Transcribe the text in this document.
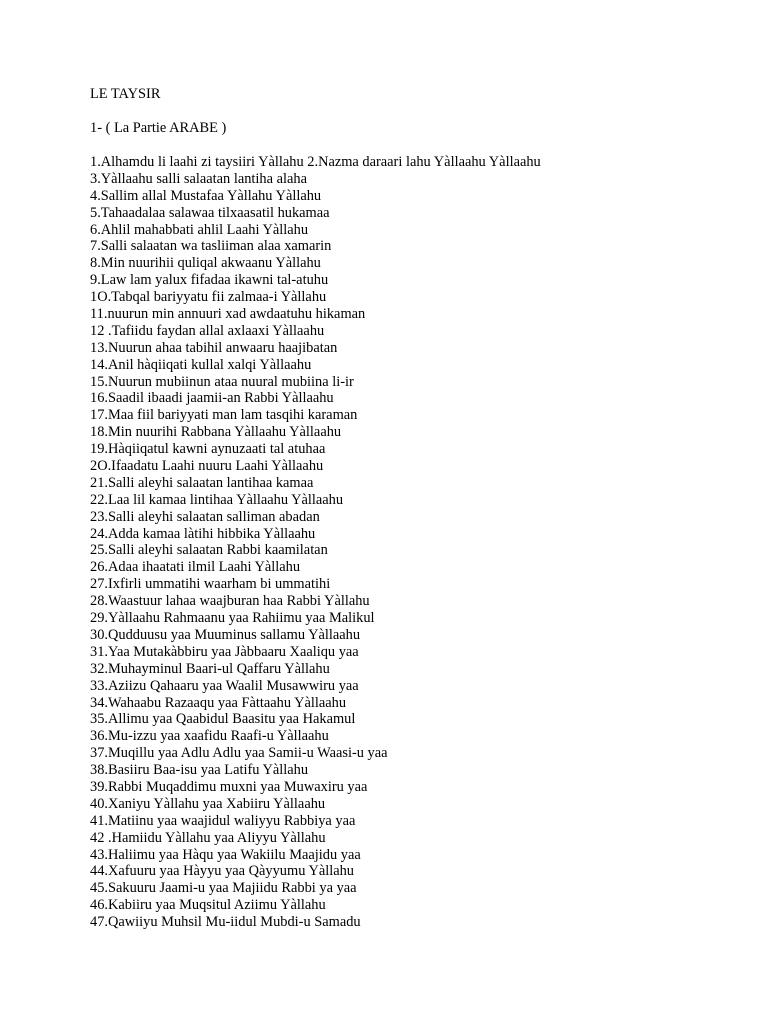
LE TAYSIR

1- ( La Partie ARABE )

1.Alhamdu li laahi zi taysiiri Yàllahu 2.Nazma daraari lahu Yàllaahu Yàllaahu
3.Yàllaahu salli salaatan lantiha alaha
4.Sallim allal Mustafaa Yàllahu Yàllahu
5.Tahaadalaa salawaa tilxaasatil hukamaa
6.Ahlil mahabbati ahlil Laahi Yàllahu
7.Salli salaatan wa tasliiman alaa xamarin
8.Min nuurihii quliqal akwaanu Yàllahu
9.Law lam yalux fifadaa ikawni tal-atuhu
1O.Tabqal bariyyatu fii zalmaa-i Yàllahu
11.nuurun min annuuri xad awdaatuhu hikaman
12 .Tafiidu faydan allal axlaaxi Yàllaahu
13.Nuurun ahaa tabihil anwaaru haajibatan
14.Anil hàqiiqati kullal xalqi Yàllaahu
15.Nuurun mubiinun ataa nuural mubiina li-ir
16.Saadil ibaadi jaamii-an Rabbi Yàllaahu
17.Maa fiil bariyyati man lam tasqihi karaman
18.Min nuurihi Rabbana Yàllaahu Yàllaahu
19.Hàqiiqatul kawni aynuzaati tal atuhaa
2O.Ifaadatu Laahi nuuru Laahi Yàllaahu
21.Salli aleyhi salaatan lantihaa kamaa
22.Laa lil kamaa lintihaa Yàllaahu Yàllaahu
23.Salli aleyhi salaatan salliman abadan
24.Adda kamaa làtihi hibbika Yàllaahu
25.Salli aleyhi salaatan Rabbi kaamilatan
26.Adaa ihaatati ilmil Laahi Yàllahu
27.Ixfirli ummatihi waarham bi ummatihi
28.Waastuur lahaa waajburan haa Rabbi Yàllahu
29.Yàllaahu Rahmaanu yaa Rahiimu yaa Malikul
30.Qudduusu yaa Muuminus sallamu Yàllaahu
31.Yaa Mutakàbbiru yaa Jàbbaaru Xaaliqu yaa
32.Muhayminul Baari-ul Qaffaru Yàllahu
33.Aziizu Qahaaru yaa Waalil Musawwiru yaa
34.Wahaabu Razaaqu yaa Fàttaahu Yàllaahu
35.Allimu yaa Qaabidul Baasitu yaa Hakamul
36.Mu-izzu yaa xaafidu Raafi-u Yàllaahu
37.Muqillu yaa Adlu Adlu yaa Samii-u Waasi-u yaa
38.Basiiru Baa-isu yaa Latifu Yàllahu
39.Rabbi Muqaddimu muxni yaa Muwaxiru yaa
40.Xaniyu Yàllahu yaa Xabiiru Yàllaahu
41.Matiinu yaa waajidul waliyyu Rabbiya yaa
42 .Hamiidu Yàllahu yaa Aliyyu Yàllahu
43.Haliimu yaa Hàqu yaa Wakiilu Maajidu yaa
44.Xafuuru yaa Hàyyu yaa Qàyyumu Yàllahu
45.Sakuuru Jaami-u yaa Majiidu Rabbi ya yaa
46.Kabiiru yaa Muqsitul Aziimu Yàllahu
47.Qawiiyu Muhsil Mu-iidul Mubdi-u Samadu
